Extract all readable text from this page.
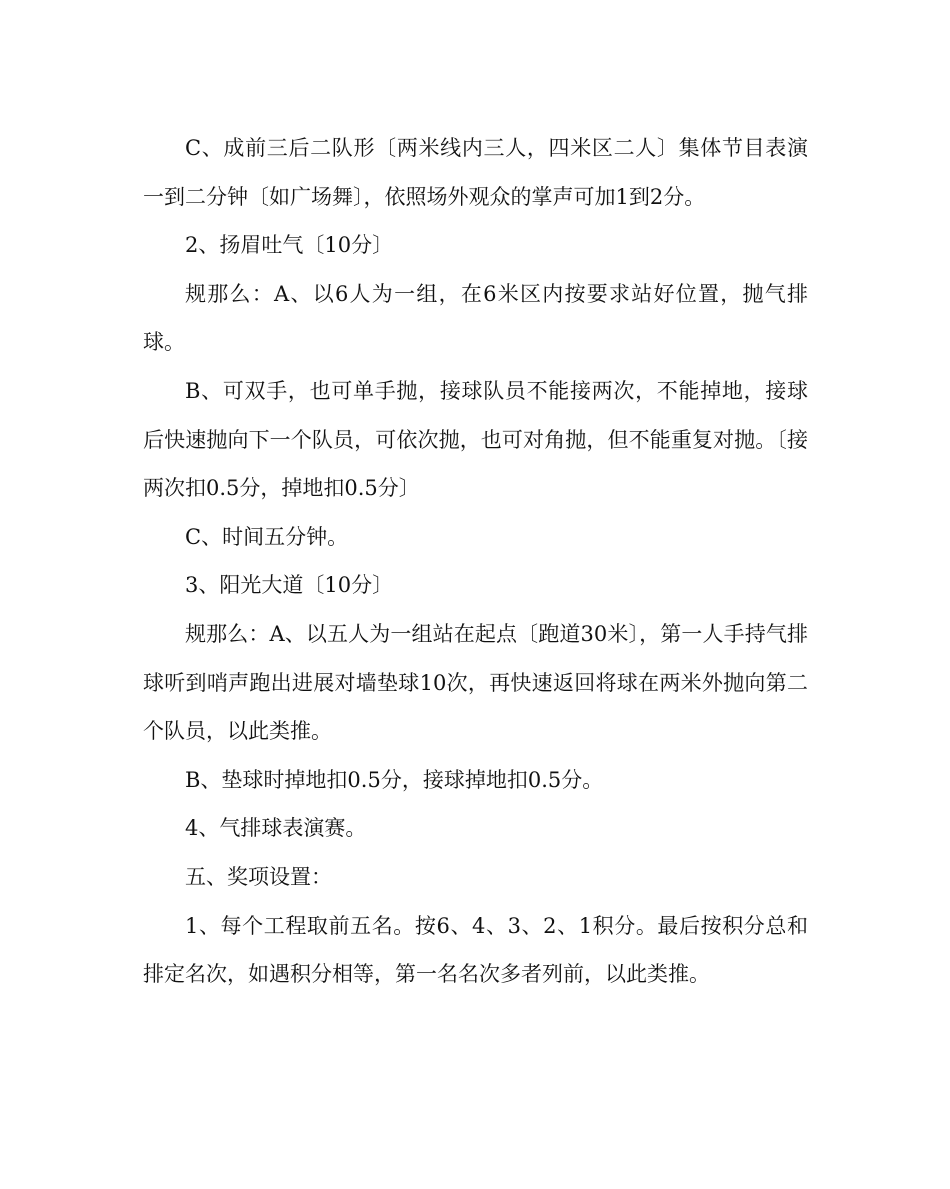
C、成前三后二队形〔两米线内三人，四米区二人〕集体节目表演一到二分钟〔如广场舞〕，依照场外观众的掌声可加1到2分。

2、扬眉吐气〔10分〕

规那么：A、以6人为一组，在6米区内按要求站好位置，抛气排球。

B、可双手，也可单手抛，接球队员不能接两次，不能掉地，接球后快速抛向下一个队员，可依次抛，也可对角抛，但不能重复对抛。〔接两次扣0.5分，掉地扣0.5分〕

C、时间五分钟。

3、阳光大道〔10分〕

规那么：A、以五人为一组站在起点〔跑道30米〕，第一人手持气排球听到哨声跑出进展对墙垫球10次，再快速返回将球在两米外抛向第二个队员，以此类推。

B、垫球时掉地扣0.5分，接球掉地扣0.5分。

4、气排球表演赛。

五、奖项设置：

1、每个工程取前五名。按6、4、3、2、1积分。最后按积分总和排定名次，如遇积分相等，第一名名次多者列前，以此类推。
